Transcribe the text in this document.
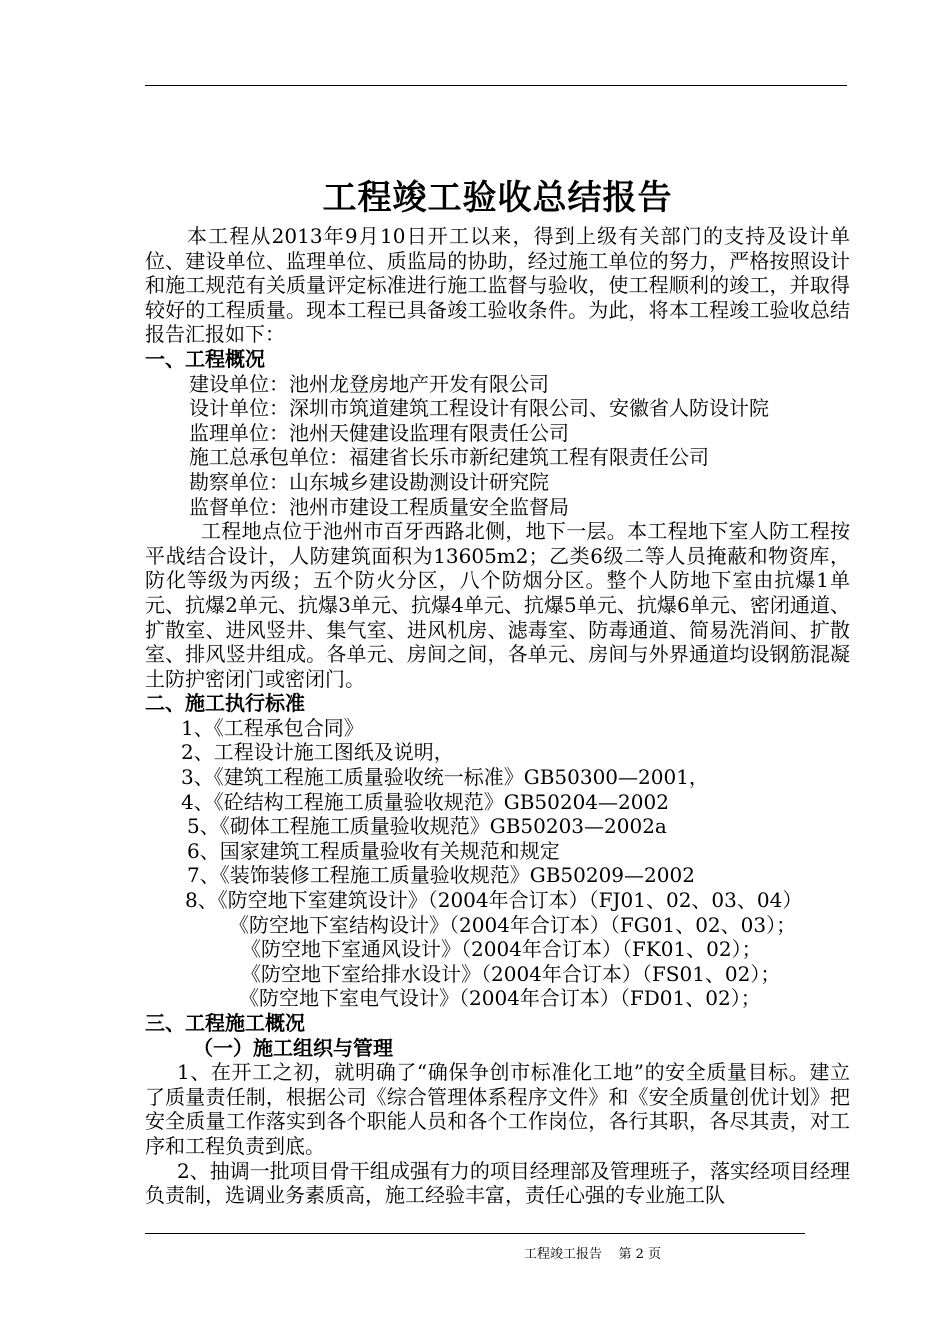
工程竣工验收总结报告

本工程从2013年9月10日开工以来，得到上级有关部门的支持及设计单位、建设单位、监理单位、质监局的协助，经过施工单位的努力，严格按照设计和施工规范有关质量评定标准进行施工监督与验收，使工程顺利的竣工，并取得较好的工程质量。现本工程已具备竣工验收条件。为此，将本工程竣工验收总结报告汇报如下：

一、工程概况

建设单位：池州龙登房地产开发有限公司

设计单位：深圳市筑道建筑工程设计有限公司、安徽省人防设计院

监理单位：池州天健建设监理有限责任公司

施工总承包单位：福建省长乐市新纪建筑工程有限责任公司

勘察单位：山东城乡建设勘测设计研究院

监督单位：池州市建设工程质量安全监督局

工程地点位于池州市百牙西路北侧，地下一层。本工程地下室人防工程按平战结合设计，人防建筑面积为13605m2；乙类6级二等人员掩蔽和物资库，防化等级为丙级；五个防火分区，八个防烟分区。整个人防地下室由抗爆1单元、抗爆2单元、抗爆3单元、抗爆4单元、抗爆5单元、抗爆6单元、密闭通道、扩散室、进风竖井、集气室、进风机房、滤毒室、防毒通道、简易洗消间、扩散室、排风竖井组成。各单元、房间之间，各单元、房间与外界通道均设钢筋混凝土防护密闭门或密闭门。

二、施工执行标准

1、《工程承包合同》

2、工程设计施工图纸及说明，

3、《建筑工程施工质量验收统一标准》GB50300—2001，

4、《砼结构工程施工质量验收规范》GB50204—2002

5、《砌体工程施工质量验收规范》GB50203—2002a

6、国家建筑工程质量验收有关规范和规定

7、《装饰装修工程施工质量验收规范》GB50209—2002

8、《防空地下室建筑设计》（2004年合订本）（FJ01、02、03、04）

《防空地下室结构设计》（2004年合订本）（FG01、02、03）；

《防空地下室通风设计》（2004年合订本）（FK01、02）；

《防空地下室给排水设计》（2004年合订本）（FS01、02）；

《防空地下室电气设计》（2004年合订本）（FD01、02）；

三、工程施工概况

（一）施工组织与管理

1、在开工之初，就明确了“确保争创市标准化工地”的安全质量目标。建立了质量责任制，根据公司《综合管理体系程序文件》和《安全质量创优计划》把安全质量工作落实到各个职能人员和各个工作岗位，各行其职，各尽其责，对工序和工程负责到底。

2、抽调一批项目骨干组成强有力的项目经理部及管理班子，落实经项目经理负责制，选调业务素质高，施工经验丰富，责任心强的专业施工队

工程竣工报告 第 2 页
